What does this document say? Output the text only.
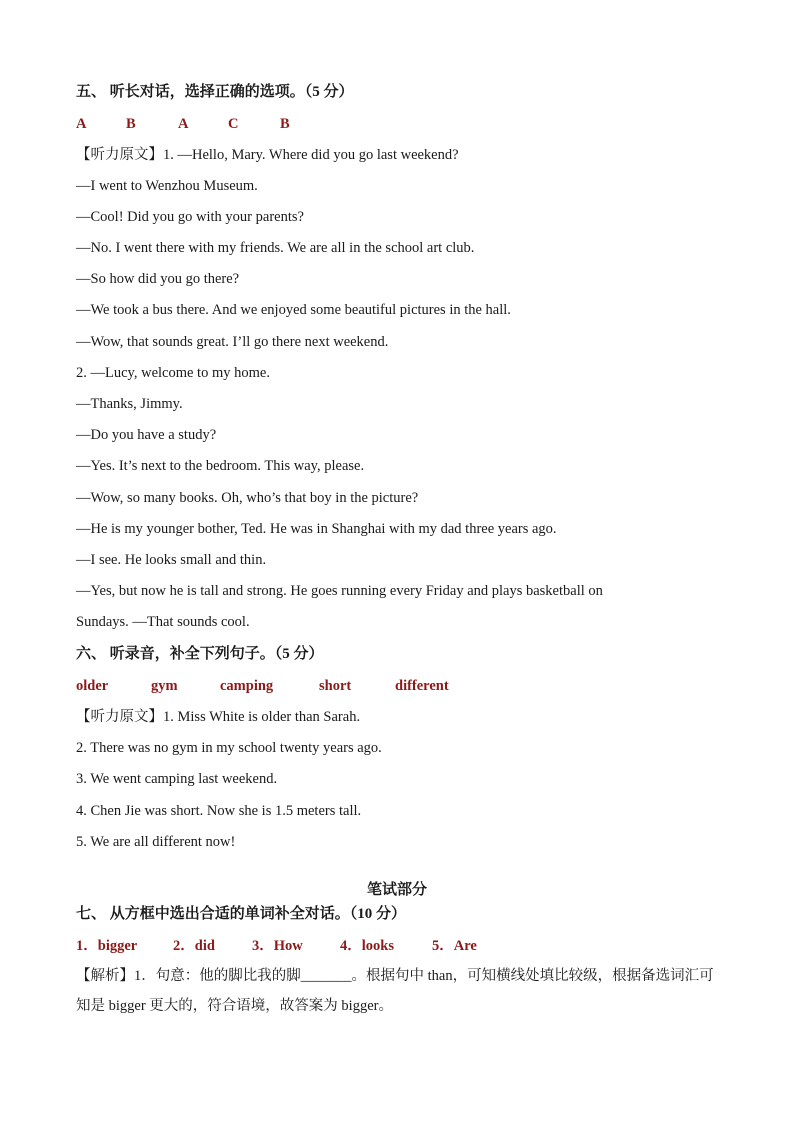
五、 听长对话，选择正确的选项。（5 分）
A	B	A	C	B
【听力原文】1. —Hello, Mary. Where did you go last weekend?
—I went to Wenzhou Museum.
—Cool! Did you go with your parents?
—No. I went there with my friends. We are all in the school art club.
—So how did you go there?
—We took a bus there. And we enjoyed some beautiful pictures in the hall.
—Wow, that sounds great. I’ll go there next weekend.
2. —Lucy, welcome to my home.
—Thanks, Jimmy.
—Do you have a study?
—Yes. It’s next to the bedroom. This way, please.
—Wow, so many books. Oh, who’s that boy in the picture?
—He is my younger bother, Ted. He was in Shanghai with my dad three years ago.
—I see. He looks small and thin.
—Yes, but now he is tall and strong. He goes running every Friday and plays basketball on
Sundays. —That sounds cool.
六、 听录音，补全下列句子。（5 分）
older	gym	camping	short	different
【听力原文】1. Miss White is older than Sarah.
2. There was no gym in my school twenty years ago.
3. We went camping last weekend.
4. Chen Jie was short. Now she is 1.5 meters tall.
5. We are all different now!
笔试部分
七、 从方框中选出合适的单词补全对话。（10 分）
1．bigger 2．did	3．How	4．looks	5．Are
【解析】1．句意：他的脚比我的脚_______。根据句中 than，可知横线处填比较级，根据备选词汇可知是 bigger 更大的，符合语境，故答案为 bigger。
